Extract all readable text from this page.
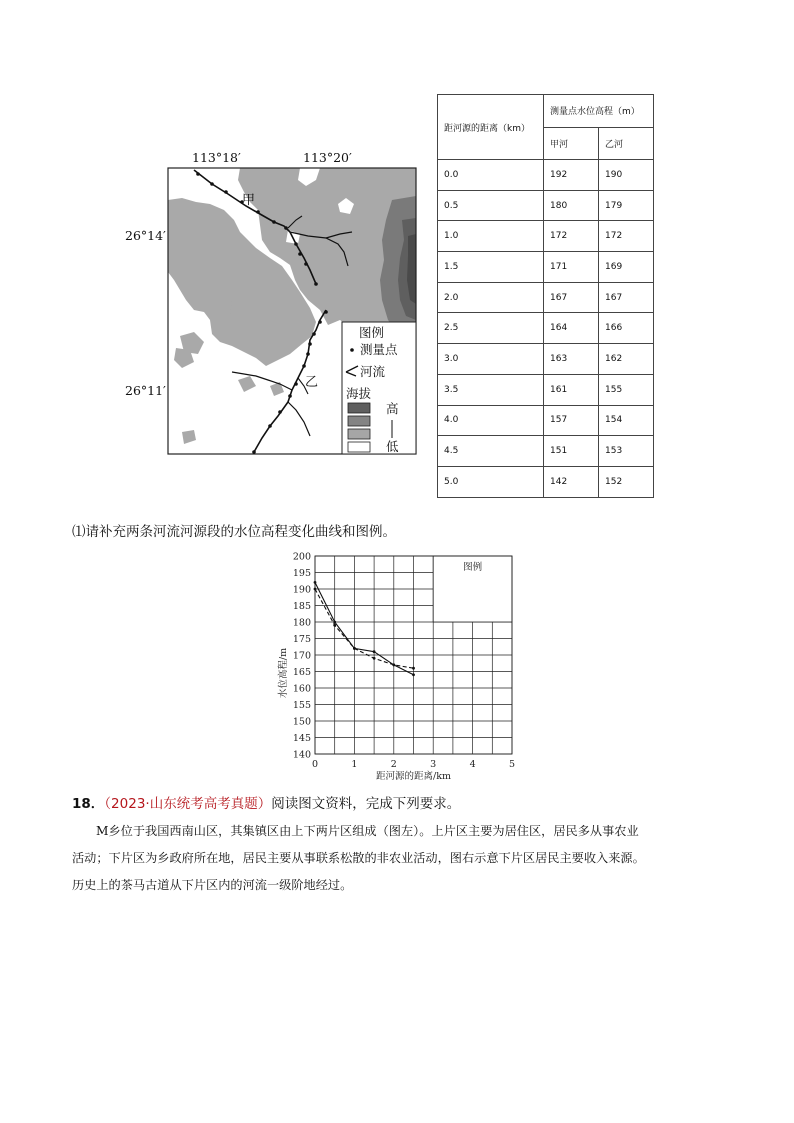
113°18′	113°20′
26°14′
26°11′
甲
乙
图例
测量点
河流
海拔
高
低
距河源的距离（km）	测量点水位高程（m）	
	甲河	乙河
0.0	192	190
0.5	180	179
1.0	172	172
1.5	171	169
2.0	167	167
2.5	164	166
3.0	163	162
3.5	161	155
4.0	157	154
4.5	151	153
5.0	142	152
⑴请补充两条河流河源段的水位高程变化曲线和图例。
图例
140
145
150
155
160
165
170
175
180
185
190
195
200
0	1	2	3	4	5
距河源的距离/km
水位高程/m
18．（2023·山东统考高考真题）阅读图文资料，完成下列要求。
M乡位于我国西南山区，其集镇区由上下两片区组成（图左）。上片区主要为居住区，居民多从事农业
活动；下片区为乡政府所在地，居民主要从事联系松散的非农业活动，图右示意下片区居民主要收入来源。
历史上的茶马古道从下片区内的河流一级阶地经过。
